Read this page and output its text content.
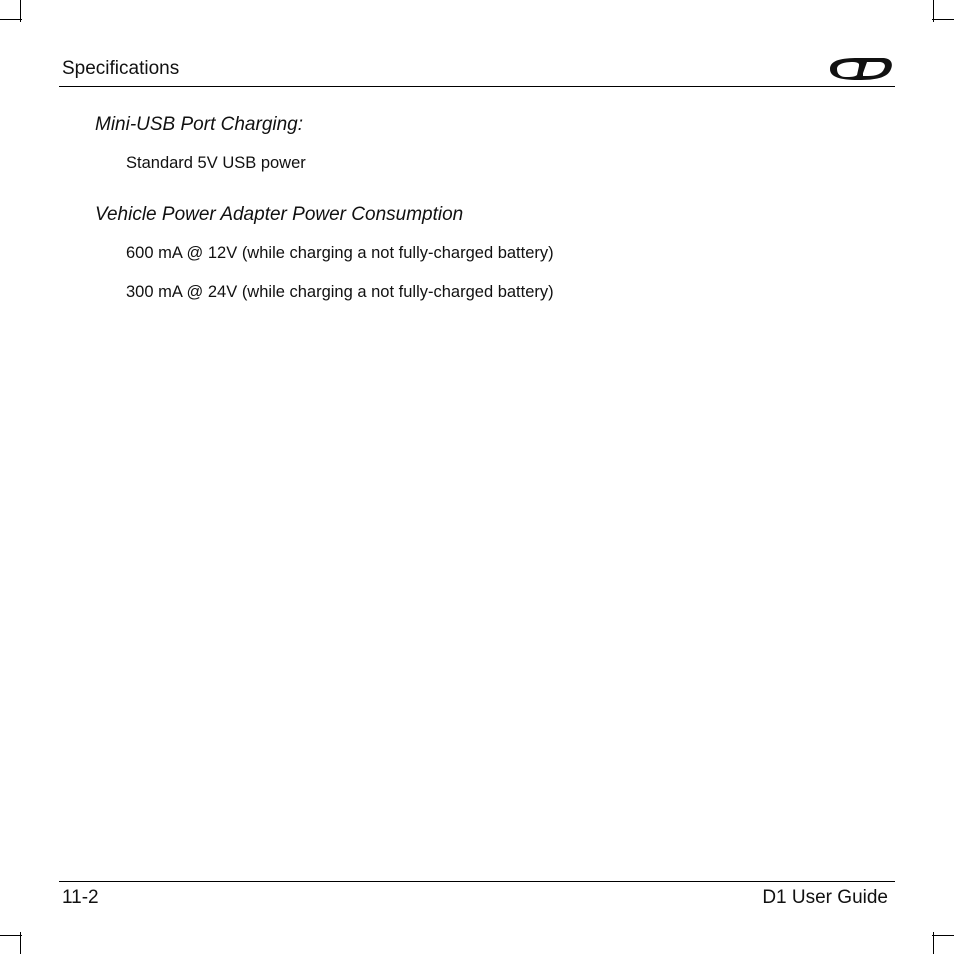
Specifications
Mini-USB Port Charging:
Standard 5V USB power
Vehicle Power Adapter Power Consumption
600 mA @ 12V (while charging a not fully-charged battery)
300 mA @ 24V (while charging a not fully-charged battery)
11-2	D1 User Guide
